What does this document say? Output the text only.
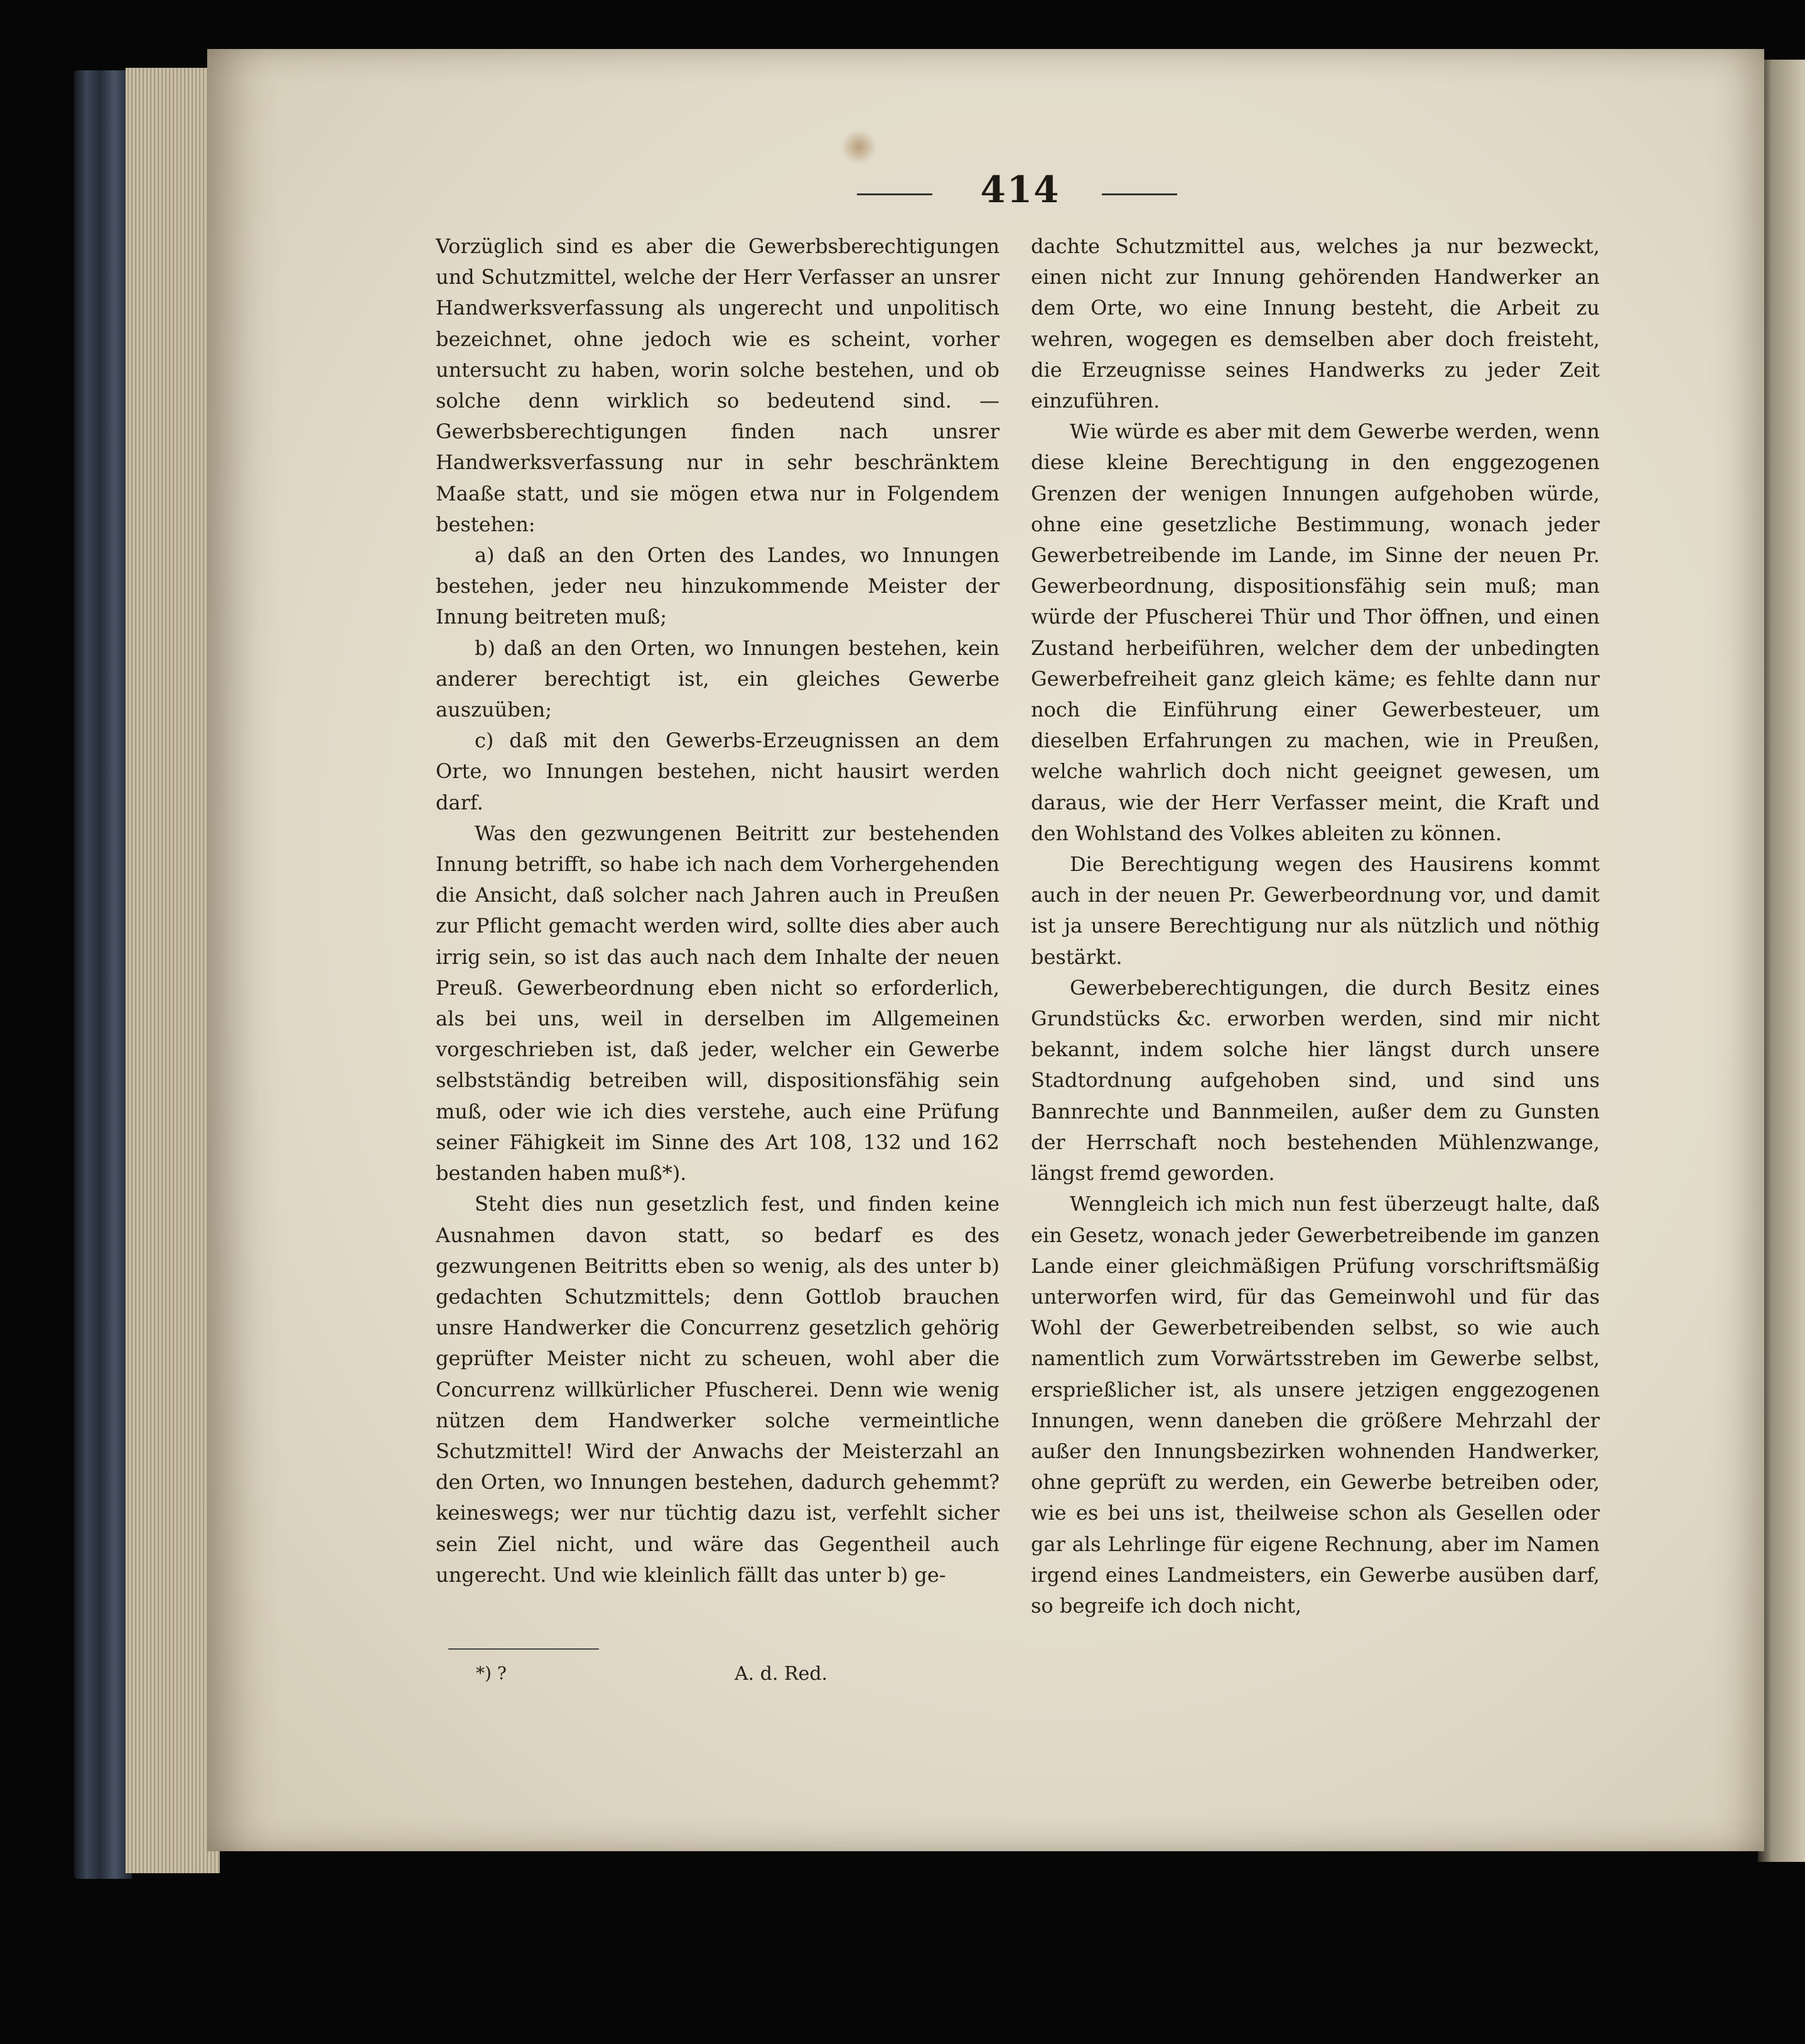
414

Vorzüglich sind es aber die Gewerbsberechtigungen und Schutzmittel, welche der Herr Verfasser an unsrer Handwerksverfassung als ungerecht und unpolitisch bezeichnet, ohne jedoch wie es scheint, vorher untersucht zu haben, worin solche bestehen, und ob solche denn wirklich so bedeutend sind. — Gewerbsberechtigungen finden nach unsrer Handwerksverfassung nur in sehr beschränktem Maaße statt, und sie mögen etwa nur in Folgendem bestehen:

a) daß an den Orten des Landes, wo Innungen bestehen, jeder neu hinzukommende Meister der Innung beitreten muß;

b) daß an den Orten, wo Innungen bestehen, kein anderer berechtigt ist, ein gleiches Gewerbe auszuüben;

c) daß mit den Gewerbs-Erzeugnissen an dem Orte, wo Innungen bestehen, nicht hausirt werden darf.

Was den gezwungenen Beitritt zur bestehenden Innung betrifft, so habe ich nach dem Vorhergehenden die Ansicht, daß solcher nach Jahren auch in Preußen zur Pflicht gemacht werden wird, sollte dies aber auch irrig sein, so ist das auch nach dem Inhalte der neuen Preuß. Gewerbeordnung eben nicht so erforderlich, als bei uns, weil in derselben im Allgemeinen vorgeschrieben ist, daß jeder, welcher ein Gewerbe selbstständig betreiben will, dispositionsfähig sein muß, oder wie ich dies verstehe, auch eine Prüfung seiner Fähigkeit im Sinne des Art 108, 132 und 162 bestanden haben muß*).

Steht dies nun gesetzlich fest, und finden keine Ausnahmen davon statt, so bedarf es des gezwungenen Beitritts eben so wenig, als des unter b) gedachten Schutzmittels; denn Gottlob brauchen unsre Handwerker die Concurrenz gesetzlich gehörig geprüfter Meister nicht zu scheuen, wohl aber die Concurrenz willkürlicher Pfuscherei. Denn wie wenig nützen dem Handwerker solche vermeintliche Schutzmittel! Wird der Anwachs der Meisterzahl an den Orten, wo Innungen bestehen, dadurch gehemmt? keineswegs; wer nur tüchtig dazu ist, verfehlt sicher sein Ziel nicht, und wäre das Gegentheil auch ungerecht. Und wie kleinlich fällt das unter b) ge-

dachte Schutzmittel aus, welches ja nur bezweckt, einen nicht zur Innung gehörenden Handwerker an dem Orte, wo eine Innung besteht, die Arbeit zu wehren, wogegen es demselben aber doch freisteht, die Erzeugnisse seines Handwerks zu jeder Zeit einzuführen.

Wie würde es aber mit dem Gewerbe werden, wenn diese kleine Berechtigung in den enggezogenen Grenzen der wenigen Innungen aufgehoben würde, ohne eine gesetzliche Bestimmung, wonach jeder Gewerbetreibende im Lande, im Sinne der neuen Pr. Gewerbeordnung, dispositionsfähig sein muß; man würde der Pfuscherei Thür und Thor öffnen, und einen Zustand herbeiführen, welcher dem der unbedingten Gewerbefreiheit ganz gleich käme; es fehlte dann nur noch die Einführung einer Gewerbesteuer, um dieselben Erfahrungen zu machen, wie in Preußen, welche wahrlich doch nicht geeignet gewesen, um daraus, wie der Herr Verfasser meint, die Kraft und den Wohlstand des Volkes ableiten zu können.

Die Berechtigung wegen des Hausirens kommt auch in der neuen Pr. Gewerbeordnung vor, und damit ist ja unsere Berechtigung nur als nützlich und nöthig bestärkt.

Gewerbeberechtigungen, die durch Besitz eines Grundstücks &c. erworben werden, sind mir nicht bekannt, indem solche hier längst durch unsere Stadtordnung aufgehoben sind, und sind uns Bannrechte und Bannmeilen, außer dem zu Gunsten der Herrschaft noch bestehenden Mühlenzwange, längst fremd geworden.

Wenngleich ich mich nun fest überzeugt halte, daß ein Gesetz, wonach jeder Gewerbetreibende im ganzen Lande einer gleichmäßigen Prüfung vorschriftsmäßig unterworfen wird, für das Gemeinwohl und für das Wohl der Gewerbetreibenden selbst, so wie auch namentlich zum Vorwärtsstreben im Gewerbe selbst, ersprießlicher ist, als unsere jetzigen enggezogenen Innungen, wenn daneben die größere Mehrzahl der außer den Innungsbezirken wohnenden Handwerker, ohne geprüft zu werden, ein Gewerbe betreiben oder, wie es bei uns ist, theilweise schon als Gesellen oder gar als Lehrlinge für eigene Rechnung, aber im Namen irgend eines Landmeisters, ein Gewerbe ausüben darf, so begreife ich doch nicht,

*) ?	A. d. Red.
